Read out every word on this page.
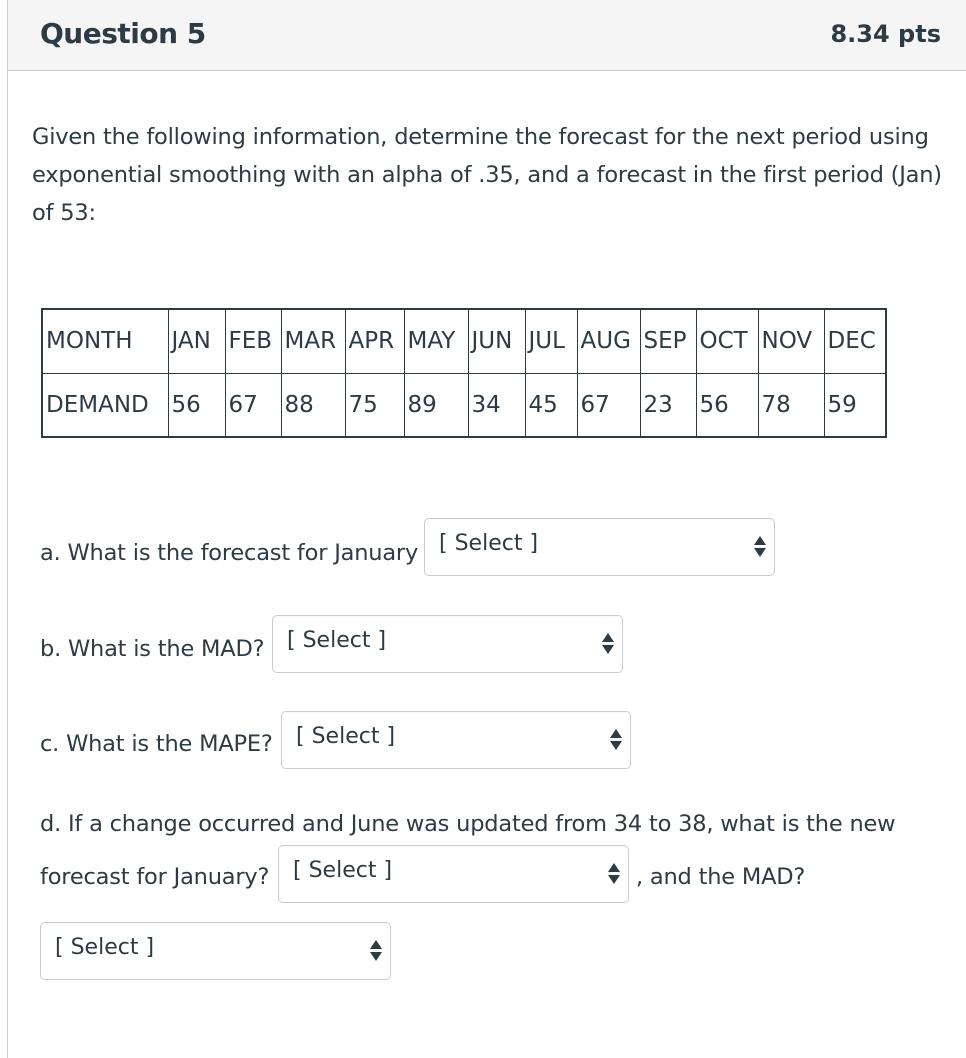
Question 5	8.34 pts
Given the following information, determine the forecast for the next period using exponential smoothing with an alpha of .35, and a forecast in the first period (Jan) of 53:
MONTH	JAN	FEB	MAR	APR	MAY	JUN	JUL	AUG	SEP	OCT	NOV	DEC
DEMAND	56	67	88	75	89	34	45	67	23	56	78	59
a. What is the forecast for January [ Select ]
b. What is the MAD? [ Select ]
c. What is the MAPE? [ Select ]
d. If a change occurred and June was updated from 34 to 38, what is the new
forecast for January? [ Select ]	, and the MAD?
[ Select ]
